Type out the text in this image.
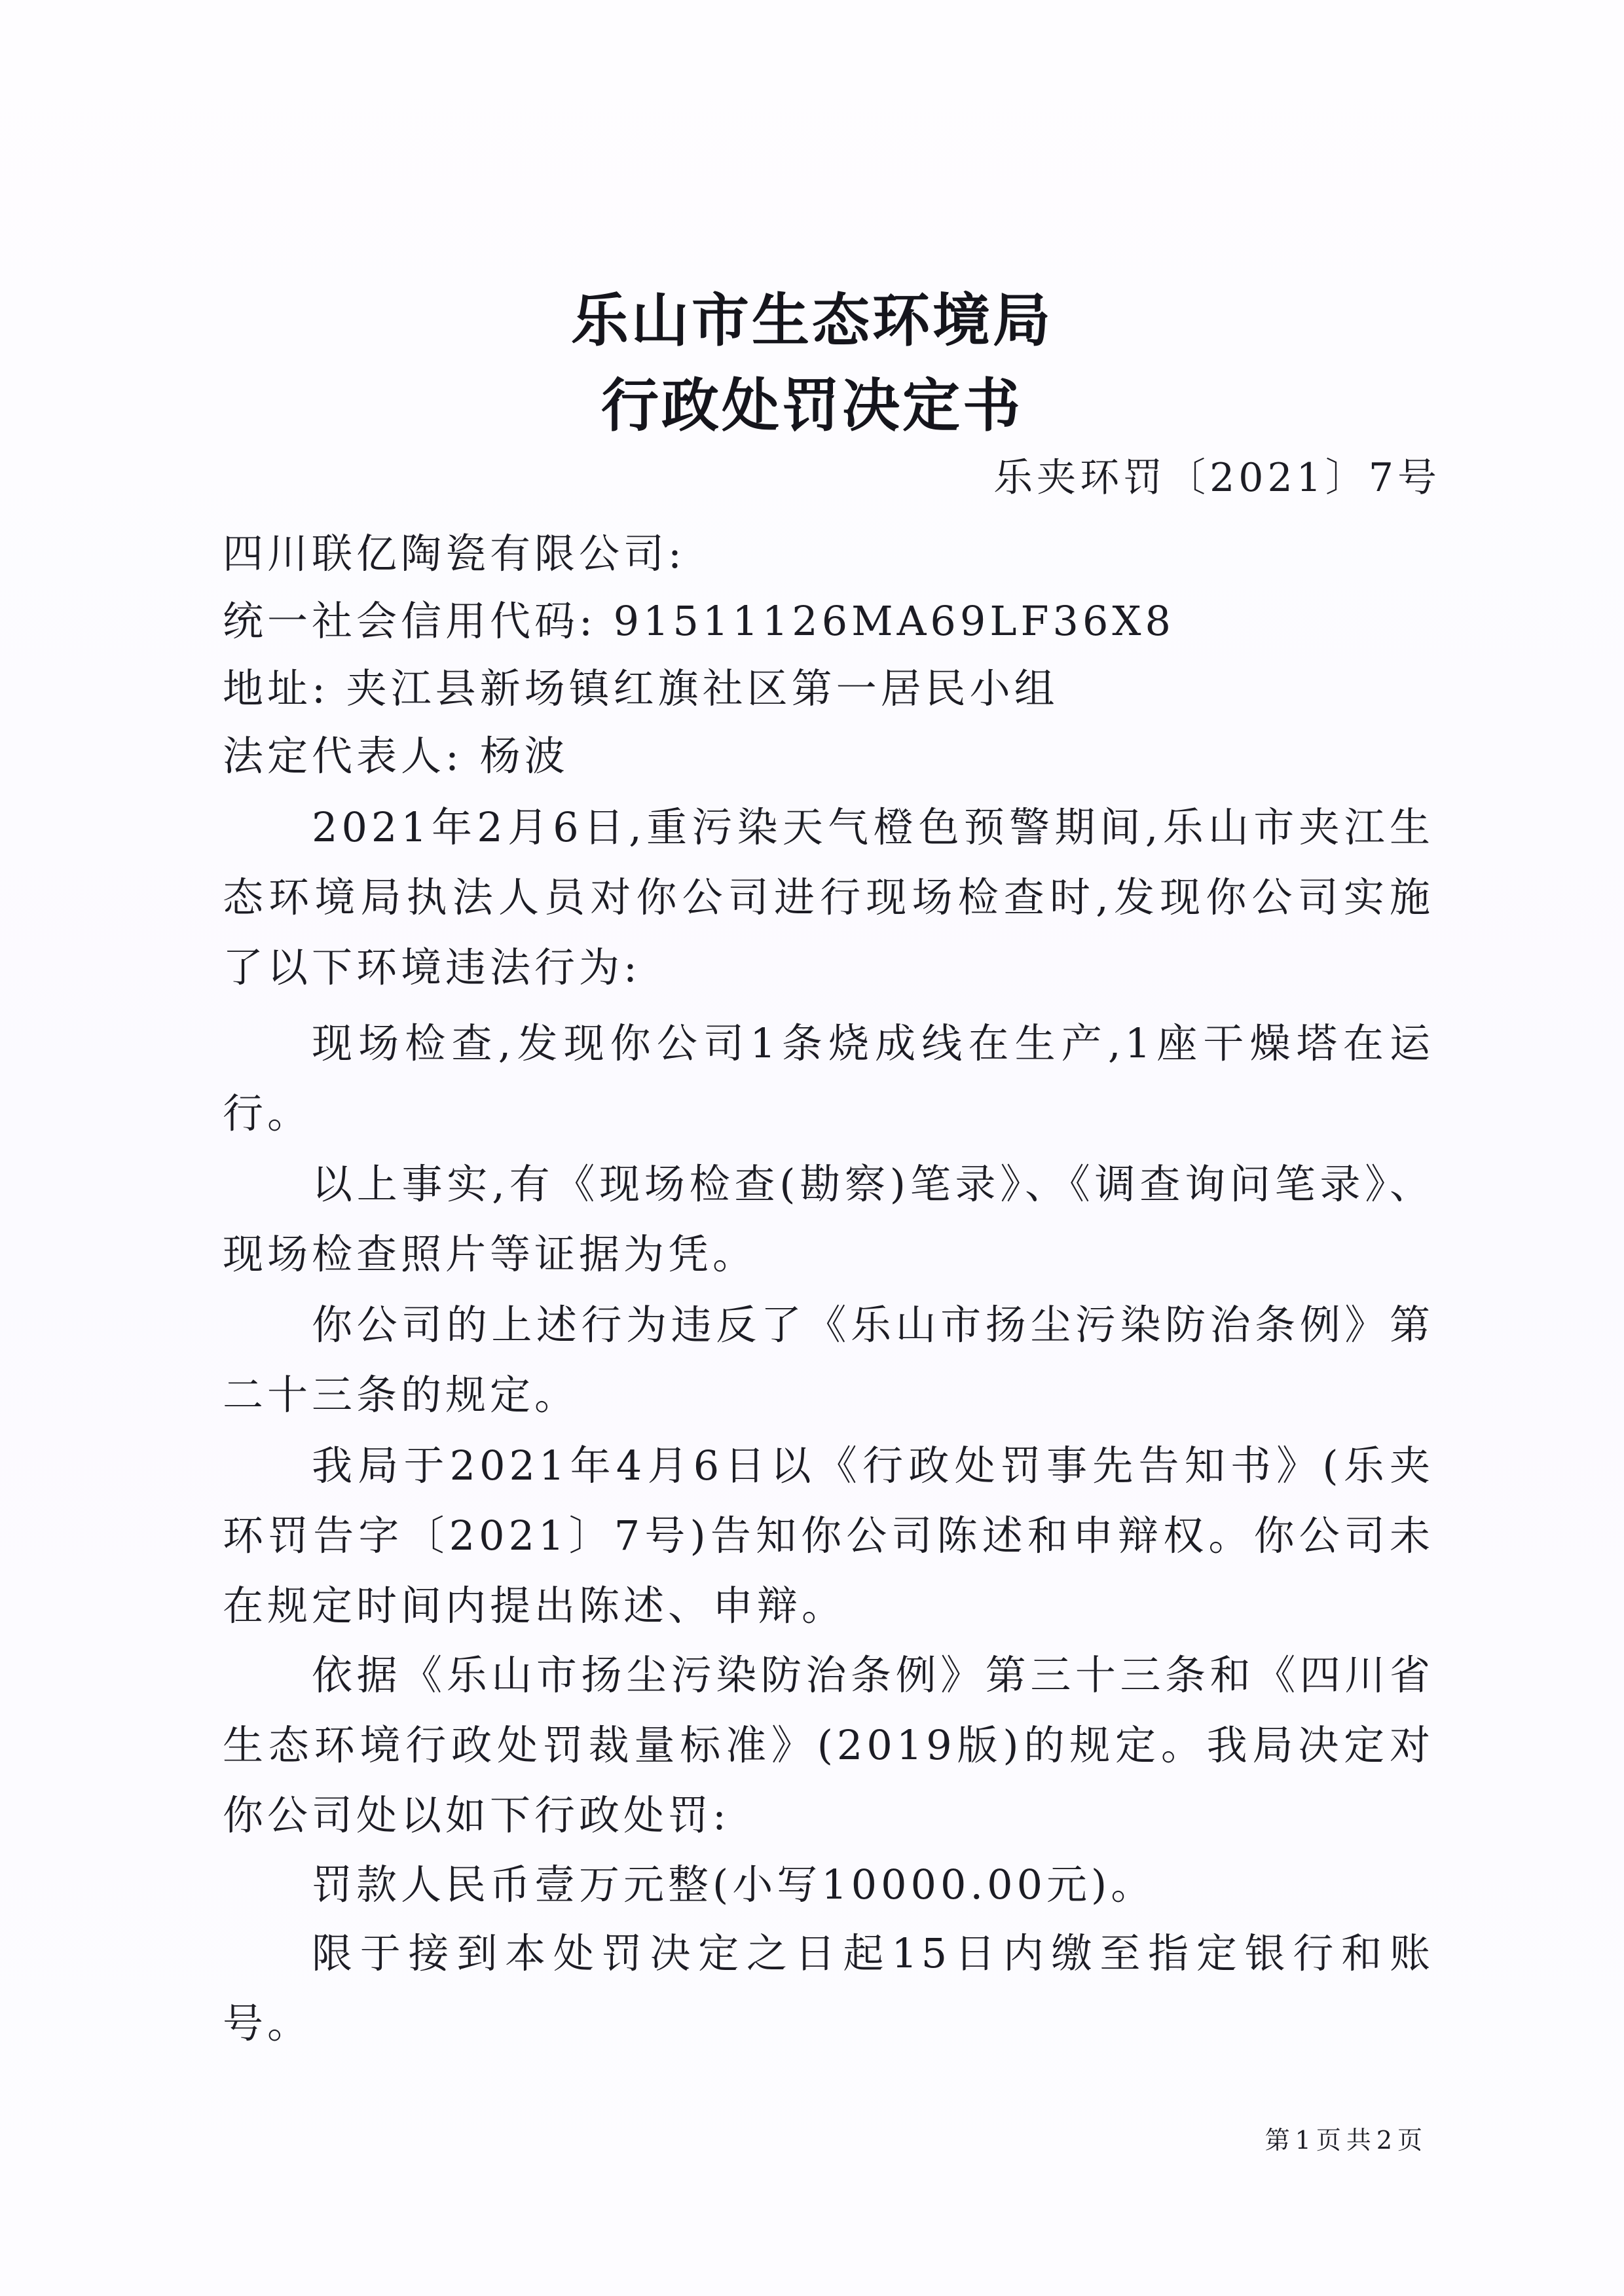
乐山市生态环境局
行政处罚决定书
乐夹环罚〔2021〕7号
四川联亿陶瓷有限公司:
统一社会信用代码: 91511126MA69LF36X8
地址: 夹江县新场镇红旗社区第一居民小组
法定代表人: 杨波
2021年2月6日,重污染天气橙色预警期间,乐山市夹江生态环境局执法人员对你公司进行现场检查时,发现你公司实施了以下环境违法行为:
现场检查,发现你公司1条烧成线在生产,1座干燥塔在运行。
以上事实,有《现场检查(勘察)笔录》、《调查询问笔录》、现场检查照片等证据为凭。
你公司的上述行为违反了《乐山市扬尘污染防治条例》第二十三条的规定。
我局于2021年4月6日以《行政处罚事先告知书》(乐夹环罚告字〔2021〕7号)告知你公司陈述和申辩权。你公司未在规定时间内提出陈述、申辩。
依据《乐山市扬尘污染防治条例》第三十三条和《四川省生态环境行政处罚裁量标准》(2019版)的规定。我局决定对你公司处以如下行政处罚:
罚款人民币壹万元整(小写10000.00元)。
限于接到本处罚决定之日起15日内缴至指定银行和账号。
第1页共2页
